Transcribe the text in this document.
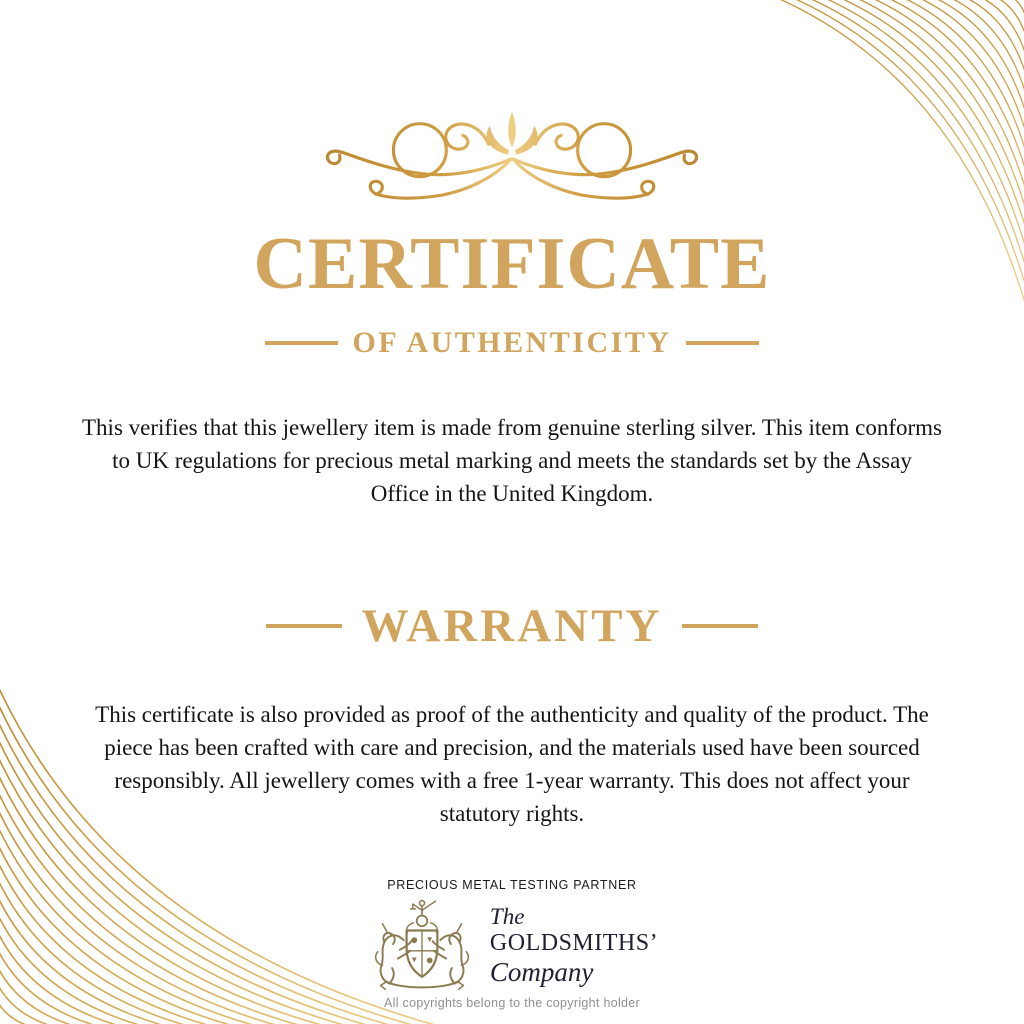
CERTIFICATE
OF AUTHENTICITY
This verifies that this jewellery item is made from genuine sterling silver. This item conforms
to UK regulations for precious metal marking and meets the standards set by the Assay
Office in the United Kingdom.
WARRANTY
This certificate is also provided as proof of the authenticity and quality of the product. The
piece has been crafted with care and precision, and the materials used have been sourced
responsibly. All jewellery comes with a free 1-year warranty. This does not affect your
statutory rights.
PRECIOUS METAL TESTING PARTNER
The
GOLDSMITHS’
Company
All copyrights belong to the copyright holder
